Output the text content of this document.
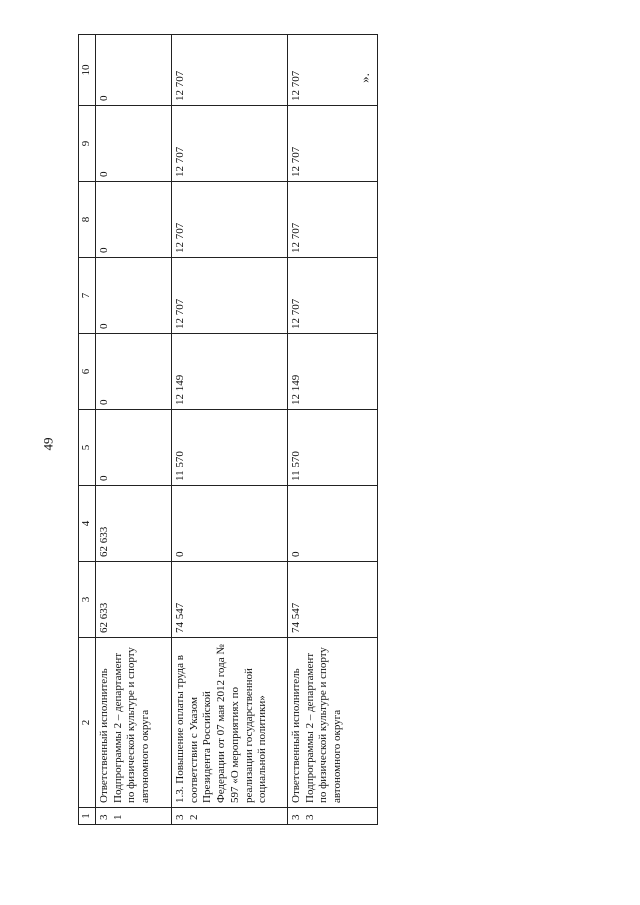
49
».
1	2	3	4	5	6	7	8	9	10
31	Ответственный исполнитель Подпрограммы 2 – департамент по физической культуре и спорту автономного округа	62 633	62 633	0	0	0	0	0	0
32	1.3. Повышение оплаты труда в соответствии с Указом Президента Российской Федерации от 07 мая 2012 года № 597 «О мероприятиях по реализации государственной социальной политики»	74 547	0	11 570	12 149	12 707	12 707	12 707	12 707
33	Ответственный исполнитель Подпрограммы 2 – департамент по физической культуре и спорту автономного округа	74 547	0	11 570	12 149	12 707	12 707	12 707	12 707
